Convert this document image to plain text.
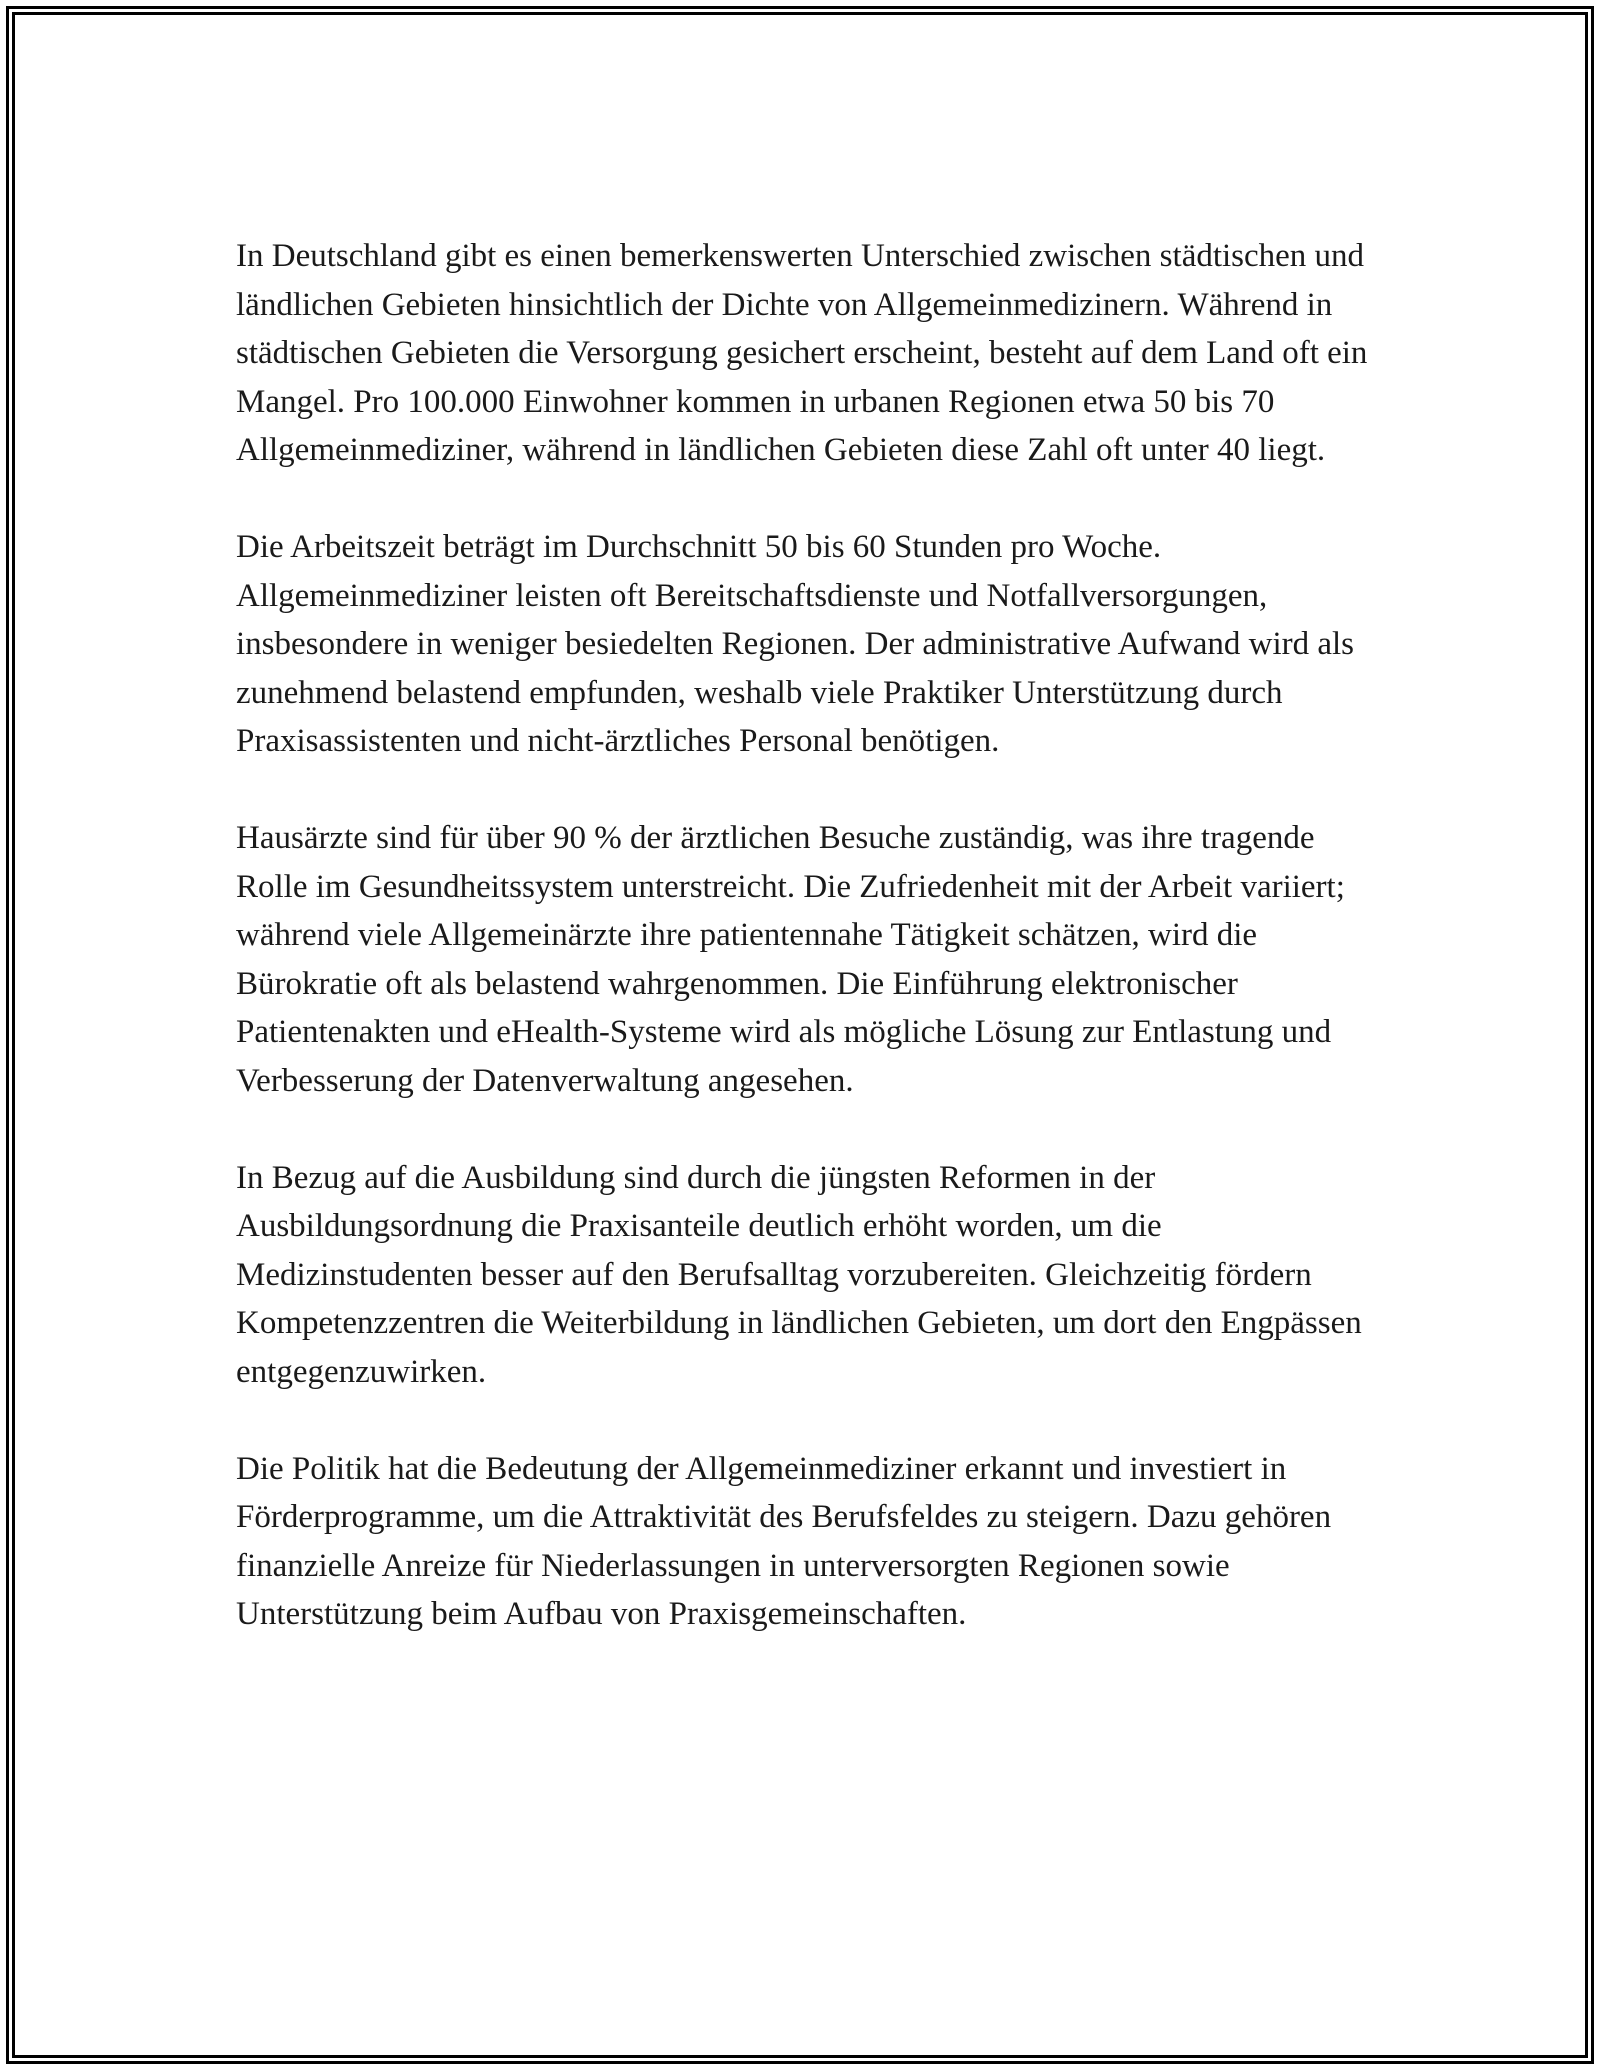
In Deutschland gibt es einen bemerkenswerten Unterschied zwischen städtischen und ländlichen Gebieten hinsichtlich der Dichte von Allgemeinmedizinern. Während in städtischen Gebieten die Versorgung gesichert erscheint, besteht auf dem Land oft ein Mangel. Pro 100.000 Einwohner kommen in urbanen Regionen etwa 50 bis 70 Allgemeinmediziner, während in ländlichen Gebieten diese Zahl oft unter 40 liegt.

Die Arbeitszeit beträgt im Durchschnitt 50 bis 60 Stunden pro Woche. Allgemeinmediziner leisten oft Bereitschaftsdienste und Notfallversorgungen, insbesondere in weniger besiedelten Regionen. Der administrative Aufwand wird als zunehmend belastend empfunden, weshalb viele Praktiker Unterstützung durch Praxisassistenten und nicht-ärztliches Personal benötigen.

Hausärzte sind für über 90 % der ärztlichen Besuche zuständig, was ihre tragende Rolle im Gesundheitssystem unterstreicht. Die Zufriedenheit mit der Arbeit variiert; während viele Allgemeinärzte ihre patientennahe Tätigkeit schätzen, wird die Bürokratie oft als belastend wahrgenommen. Die Einführung elektronischer Patientenakten und eHealth-Systeme wird als mögliche Lösung zur Entlastung und Verbesserung der Datenverwaltung angesehen.

In Bezug auf die Ausbildung sind durch die jüngsten Reformen in der Ausbildungsordnung die Praxisanteile deutlich erhöht worden, um die Medizinstudenten besser auf den Berufsalltag vorzubereiten. Gleichzeitig fördern Kompetenzzentren die Weiterbildung in ländlichen Gebieten, um dort den Engpässen entgegenzuwirken.

Die Politik hat die Bedeutung der Allgemeinmediziner erkannt und investiert in Förderprogramme, um die Attraktivität des Berufsfeldes zu steigern. Dazu gehören finanzielle Anreize für Niederlassungen in unterversorgten Regionen sowie Unterstützung beim Aufbau von Praxisgemeinschaften.
